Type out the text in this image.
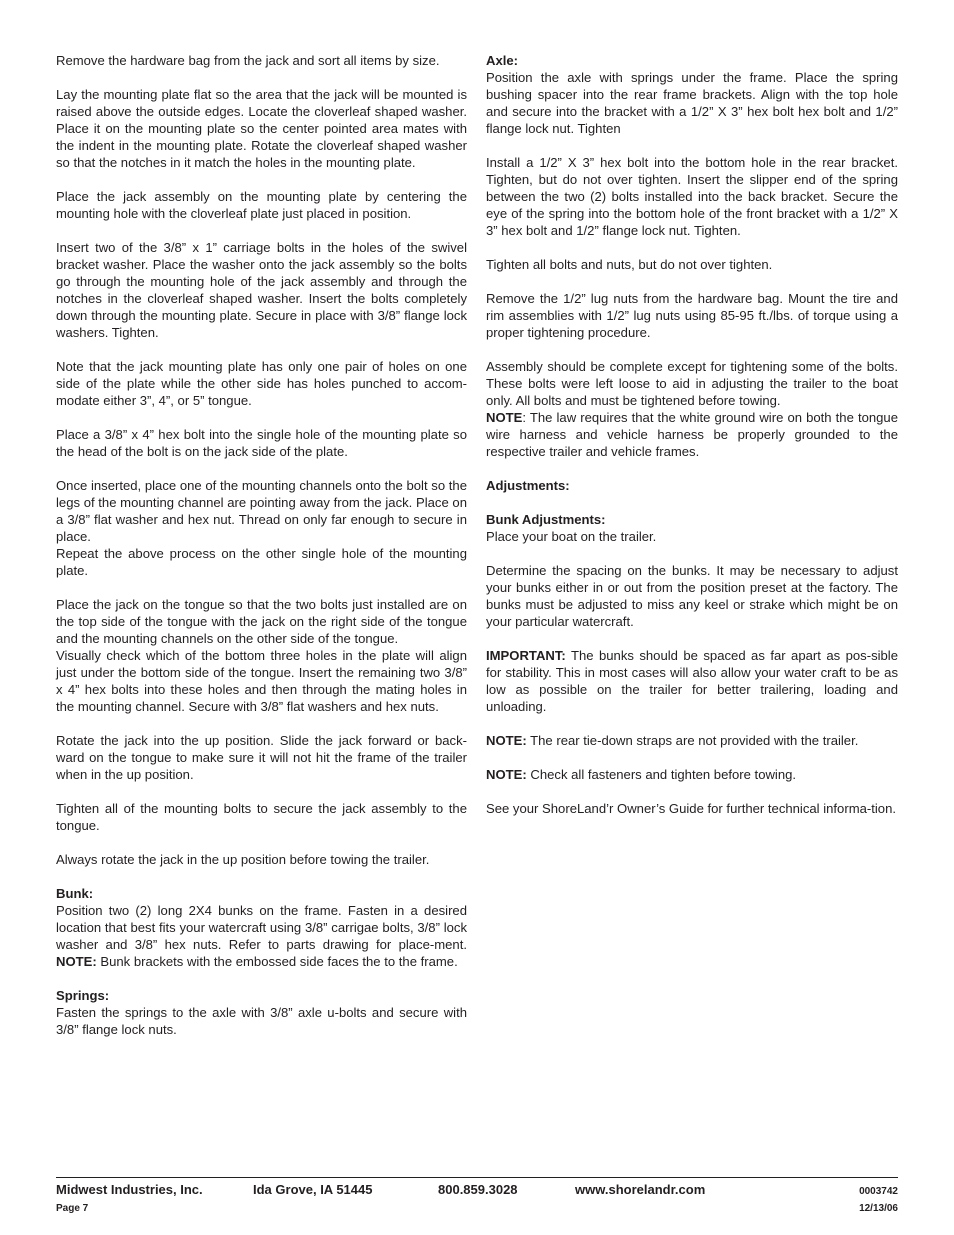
Remove the hardware bag from the jack and sort all items by size.

Lay the mounting plate flat so the area that the jack will be mounted is raised above the outside edges. Locate the cloverleaf shaped washer. Place it on the mounting plate so the center pointed area mates with the indent in the mounting plate. Rotate the cloverleaf shaped washer so that the notches in it match the holes in the mounting plate.

Place the jack assembly on the mounting plate by centering the mounting hole with the cloverleaf plate just placed in position.

Insert two of the 3/8” x 1” carriage bolts in the holes of the swivel bracket washer. Place the washer onto the jack assembly so the bolts go through the mounting hole of the jack assembly and through the notches in the cloverleaf shaped washer. Insert the bolts completely down through the mounting plate. Secure in place with 3/8” flange lock washers. Tighten.

Note that the jack mounting plate has only one pair of holes on one side of the plate while the other side has holes punched to accom-modate either 3”, 4”, or 5” tongue.

Place a 3/8” x 4” hex bolt into the single hole of the mounting plate so the head of the bolt is on the jack side of the plate.

Once inserted, place one of the mounting channels onto the bolt so the legs of the mounting channel are pointing away from the jack. Place on a 3/8” flat washer and hex nut. Thread on only far enough to secure in place.

Repeat the above process on the other single hole of the mounting plate.

Place the jack on the tongue so that the two bolts just installed are on the top side of the tongue with the jack on the right side of the tongue and the mounting channels on the other side of the tongue.

Visually check which of the bottom three holes in the plate will align just under the bottom side of the tongue. Insert the remaining two 3/8” x 4” hex bolts into these holes and then through the mating holes in the mounting channel. Secure with 3/8” flat washers and hex nuts.

Rotate the jack into the up position. Slide the jack forward or back-ward on the tongue to make sure it will not hit the frame of the trailer when in the up position.

Tighten all of the mounting bolts to secure the jack assembly to the tongue.

Always rotate the jack in the up position before towing the trailer.

Bunk:
Position two (2) long 2X4 bunks on the frame. Fasten in a desired location that best fits your watercraft using 3/8” carrigae bolts, 3/8” lock washer and 3/8” hex nuts. Refer to parts drawing for place-ment. NOTE: Bunk brackets with the embossed side faces the to the frame.

Springs:
Fasten the springs to the axle with 3/8” axle u-bolts and secure with 3/8” flange lock nuts.

Axle:
Position the axle with springs under the frame. Place the spring bushing spacer into the rear frame brackets. Align with the top hole and secure into the bracket with a 1/2” X 3” hex bolt hex bolt and 1/2” flange lock nut. Tighten

Install a 1/2” X 3” hex bolt into the bottom hole in the rear bracket. Tighten, but do not over tighten. Insert the slipper end of the spring between the two (2) bolts installed into the back bracket. Secure the eye of the spring into the bottom hole of the front bracket with a 1/2” X 3” hex bolt and 1/2” flange lock nut. Tighten.

Tighten all bolts and nuts, but do not over tighten.

Remove the 1/2” lug nuts from the hardware bag. Mount the tire and rim assemblies with 1/2” lug nuts using 85-95 ft./lbs. of torque using a proper tightening procedure.

Assembly should be complete except for tightening some of the bolts. These bolts were left loose to aid in adjusting the trailer to the boat only. All bolts and must be tightened before towing.

NOTE: The law requires that the white ground wire on both the tongue wire harness and vehicle harness be properly grounded to the respective trailer and vehicle frames.

Adjustments:

Bunk Adjustments:
Place your boat on the trailer.

Determine the spacing on the bunks. It may be necessary to adjust your bunks either in or out from the position preset at the factory. The bunks must be adjusted to miss any keel or strake which might be on your particular watercraft.

IMPORTANT: The bunks should be spaced as far apart as pos-sible for stability. This in most cases will also allow your water craft to be as low as possible on the trailer for better trailering, loading and unloading.

NOTE: The rear tie-down straps are not provided with the trailer.

NOTE: Check all fasteners and tighten before towing.

See your ShoreLand’r Owner’s Guide for further technical informa-tion.

Midwest Industries, Inc.	Ida Grove, IA 51445	800.859.3028	www.shorelandr.com	0003742
Page 7	12/13/06
